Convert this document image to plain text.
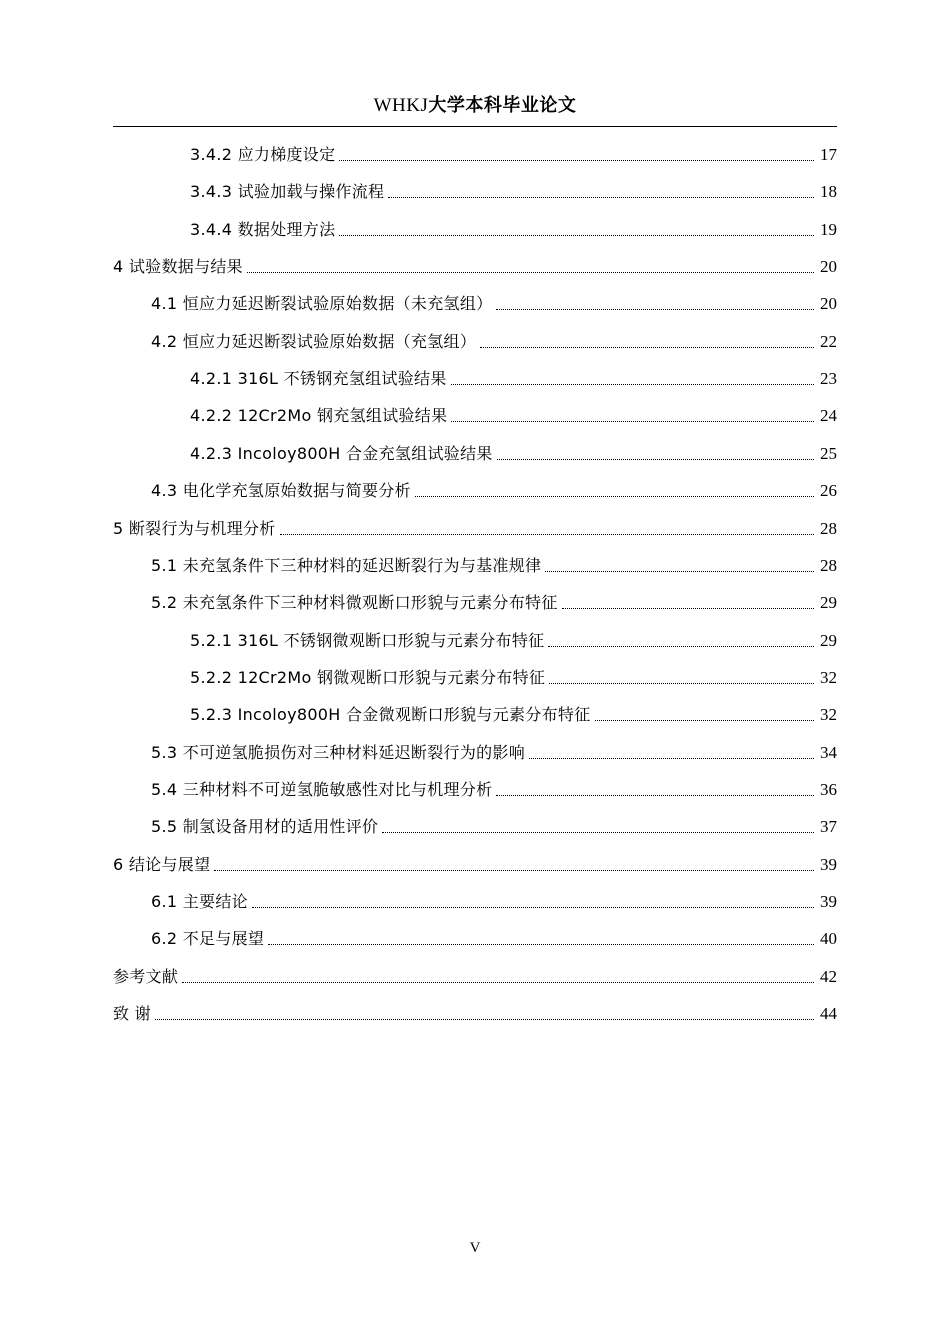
WHKJ大学本科毕业论文
3.4.2 应力梯度设定	17
3.4.3 试验加载与操作流程	18
3.4.4 数据处理方法	19
4 试验数据与结果	20
4.1 恒应力延迟断裂试验原始数据（未充氢组）	20
4.2 恒应力延迟断裂试验原始数据（充氢组）	22
4.2.1 316L 不锈钢充氢组试验结果	23
4.2.2 12Cr2Mo 钢充氢组试验结果	24
4.2.3 Incoloy800H 合金充氢组试验结果	25
4.3 电化学充氢原始数据与简要分析	26
5 断裂行为与机理分析	28
5.1 未充氢条件下三种材料的延迟断裂行为与基准规律	28
5.2 未充氢条件下三种材料微观断口形貌与元素分布特征	29
5.2.1 316L 不锈钢微观断口形貌与元素分布特征	29
5.2.2 12Cr2Mo 钢微观断口形貌与元素分布特征	32
5.2.3 Incoloy800H 合金微观断口形貌与元素分布特征	32
5.3 不可逆氢脆损伤对三种材料延迟断裂行为的影响	34
5.4 三种材料不可逆氢脆敏感性对比与机理分析	36
5.5 制氢设备用材的适用性评价	37
6 结论与展望	39
6.1 主要结论	39
6.2 不足与展望	40
参考文献	42
致 谢	44
V
